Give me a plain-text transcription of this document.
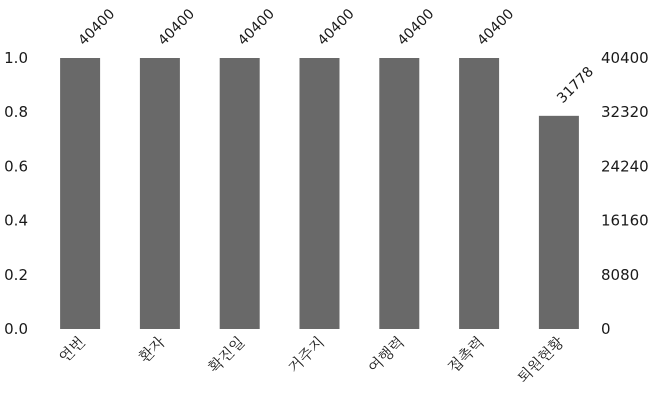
0.0
0.2
0.4
0.6
0.8
1.0
0
8080
16160
24240
32320
40400
40400	40400	40400	40400	40400	40400
31778
연번	환자 확진일 거주지 여행력 접촉력 퇴원현황
